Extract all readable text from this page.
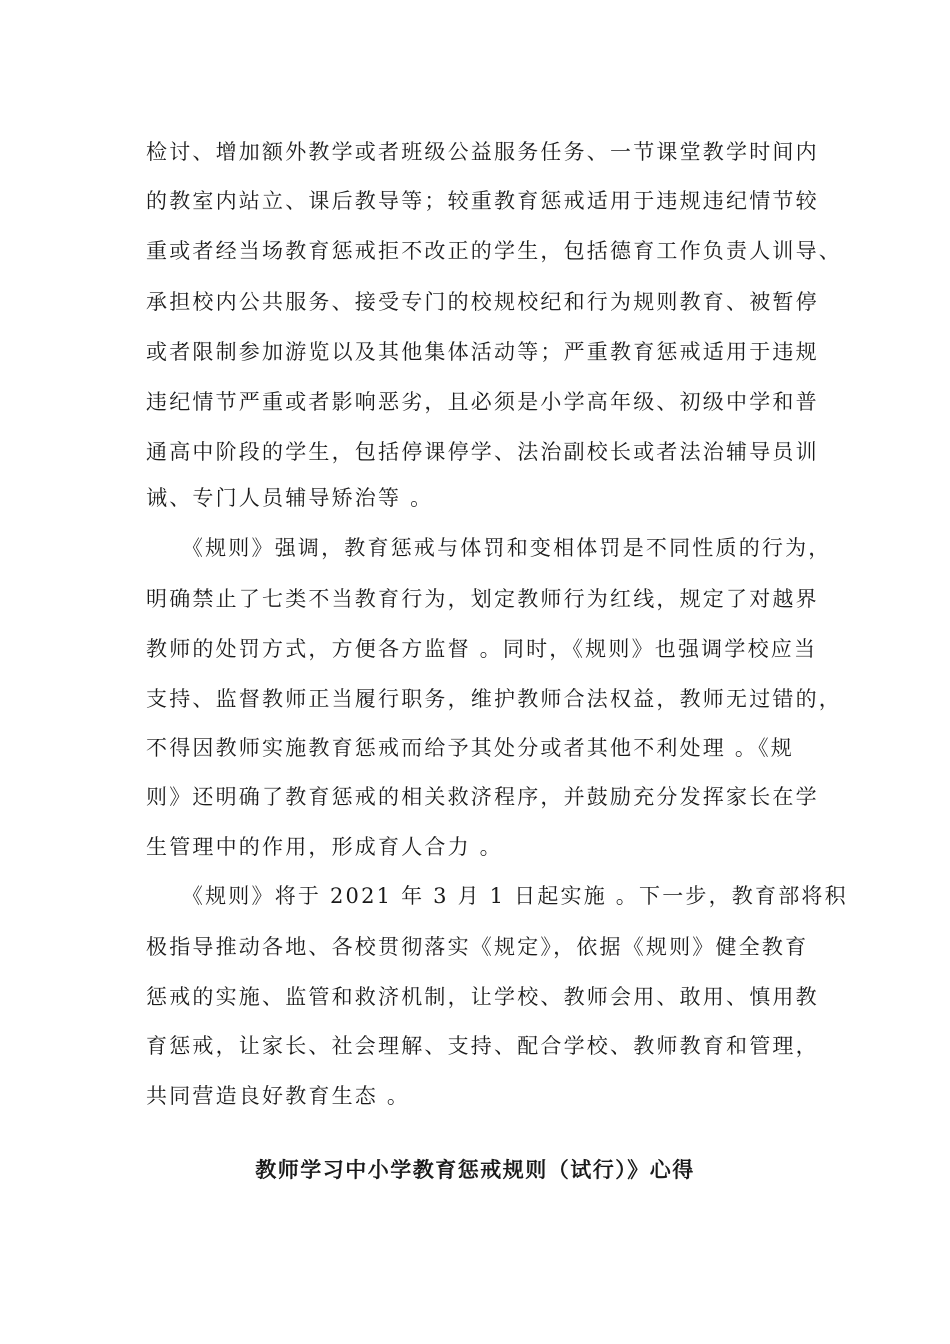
检讨、增加额外教学或者班级公益服务任务、一节课堂教学时间内
的教室内站立、课后教导等；较重教育惩戒适用于违规违纪情节较
重或者经当场教育惩戒拒不改正的学生，包括德育工作负责人训导、
承担校内公共服务、接受专门的校规校纪和行为规则教育、被暂停
或者限制参加游览以及其他集体活动等；严重教育惩戒适用于违规
违纪情节严重或者影响恶劣，且必须是小学高年级、初级中学和普
通高中阶段的学生，包括停课停学、法治副校长或者法治辅导员训
诫、专门人员辅导矫治等 。
　　《规则》强调，教育惩戒与体罚和变相体罚是不同性质的行为，
明确禁止了七类不当教育行为，划定教师行为红线，规定了对越界
教师的处罚方式，方便各方监督 。同时，《规则》也强调学校应当
支持、监督教师正当履行职务，维护教师合法权益，教师无过错的，
不得因教师实施教育惩戒而给予其处分或者其他不利处理 。《规
则》还明确了教育惩戒的相关救济程序，并鼓励充分发挥家长在学
生管理中的作用，形成育人合力 。
　　《规则》将于 2021 年 3 月 1 日起实施 。下一步，教育部将积
极指导推动各地、各校贯彻落实《规定》，依据《规则》健全教育
惩戒的实施、监管和救济机制，让学校、教师会用、敢用、慎用教
育惩戒，让家长、社会理解、支持、配合学校、教师教育和管理，
共同营造良好教育生态 。
教师学习中小学教育惩戒规则（试行）》心得
